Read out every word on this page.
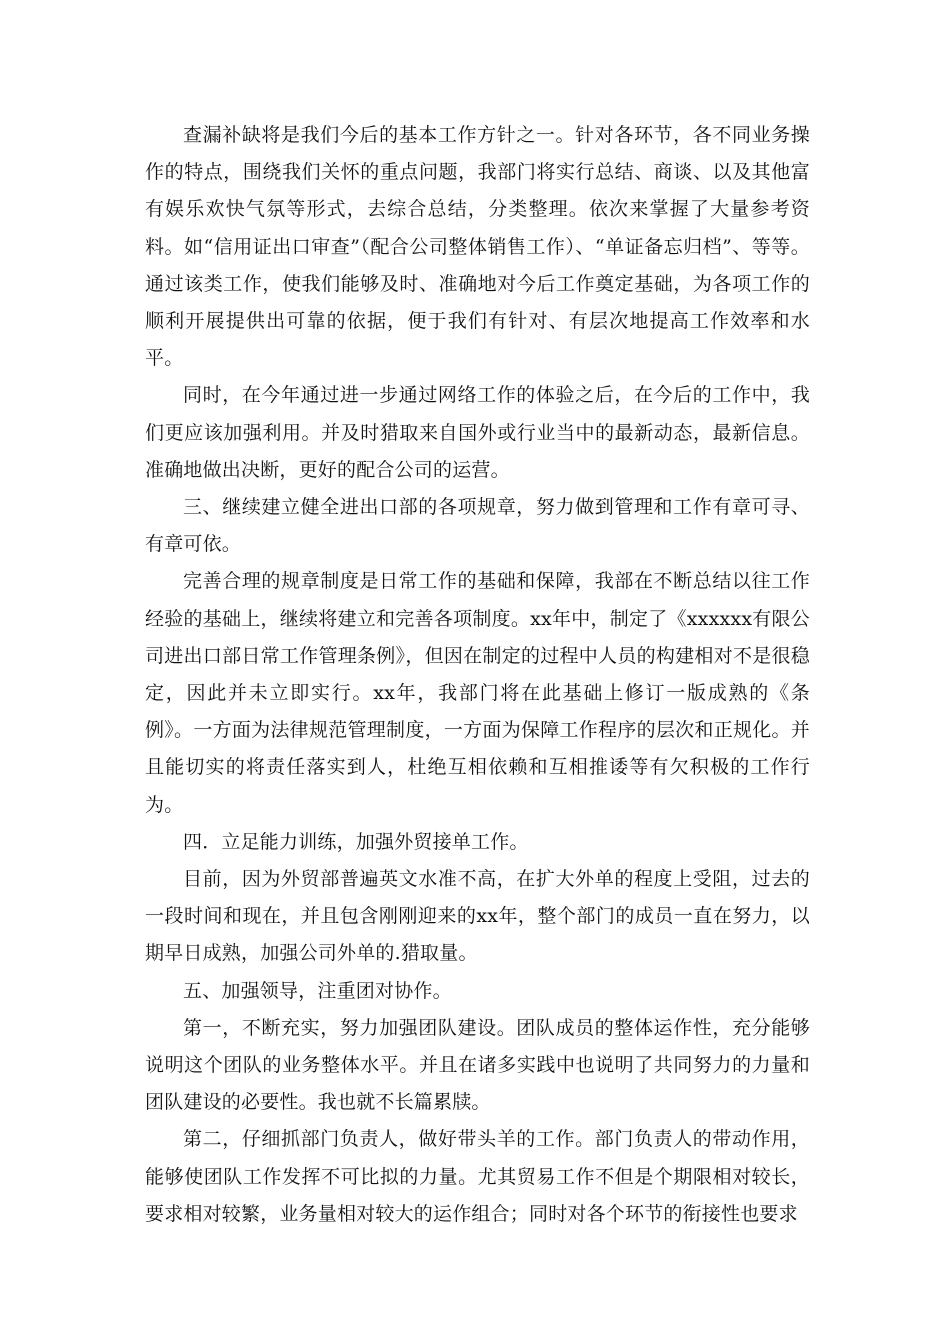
查漏补缺将是我们今后的基本工作方针之一。针对各环节，各不同业务操作的特点，围绕我们关怀的重点问题，我部门将实行总结、商谈、以及其他富有娱乐欢快气氛等形式，去综合总结，分类整理。依次来掌握了大量参考资料。如“信用证出口审查”（配合公司整体销售工作）、“单证备忘归档”、等等。通过该类工作，使我们能够及时、准确地对今后工作奠定基础，为各项工作的顺利开展提供出可靠的依据，便于我们有针对、有层次地提高工作效率和水平。

同时，在今年通过进一步通过网络工作的体验之后，在今后的工作中，我们更应该加强利用。并及时猎取来自国外或行业当中的最新动态，最新信息。准确地做出决断，更好的配合公司的运营。

三、继续建立健全进出口部的各项规章，努力做到管理和工作有章可寻、有章可依。

完善合理的规章制度是日常工作的基础和保障，我部在不断总结以往工作经验的基础上，继续将建立和完善各项制度。xx年中，制定了《xxxxxx有限公司进出口部日常工作管理条例》，但因在制定的过程中人员的构建相对不是很稳定，因此并未立即实行。xx年，我部门将在此基础上修订一版成熟的《条例》。一方面为法律规范管理制度，一方面为保障工作程序的层次和正规化。并且能切实的将责任落实到人，杜绝互相依赖和互相推诿等有欠积极的工作行为。

四．立足能力训练，加强外贸接单工作。

目前，因为外贸部普遍英文水准不高，在扩大外单的程度上受阻，过去的一段时间和现在，并且包含刚刚迎来的xx年，整个部门的成员一直在努力，以期早日成熟，加强公司外单的.猎取量。

五、加强领导，注重团对协作。

第一，不断充实，努力加强团队建设。团队成员的整体运作性，充分能够说明这个团队的业务整体水平。并且在诸多实践中也说明了共同努力的力量和团队建设的必要性。我也就不长篇累牍。

第二，仔细抓部门负责人，做好带头羊的工作。部门负责人的带动作用，能够使团队工作发挥不可比拟的力量。尤其贸易工作不但是个期限相对较长，要求相对较繁，业务量相对较大的运作组合；同时对各个环节的衔接性也要求
